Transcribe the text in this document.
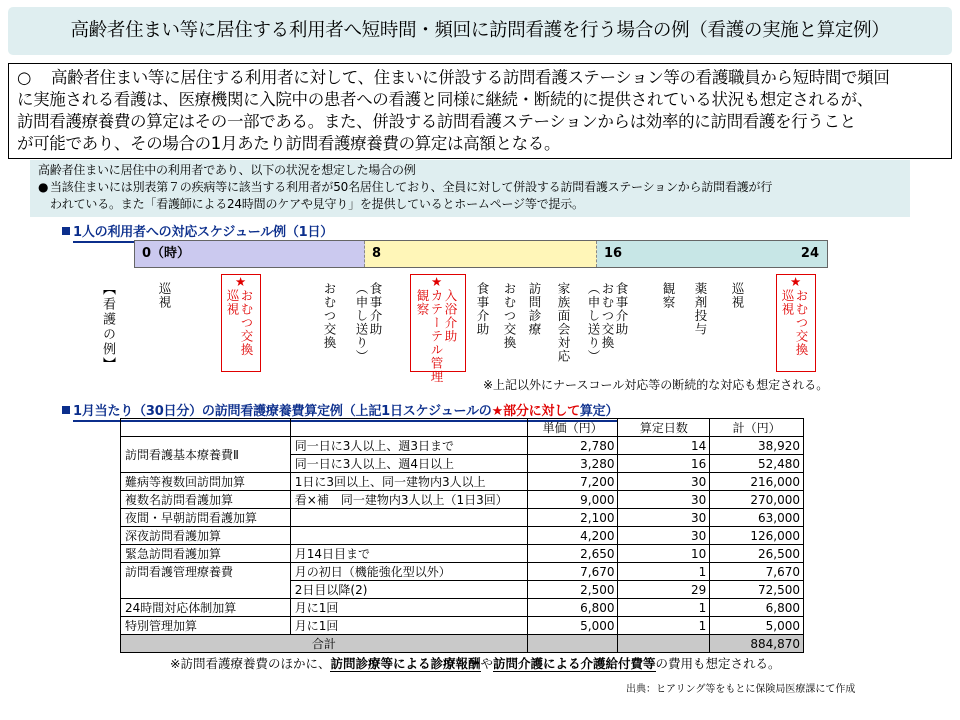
高齢者住まい等に居住する利用者へ短時間・頻回に訪問看護を行う場合の例（看護の実施と算定例）
○ 高齢者住まい等に居住する利用者に対して、住まいに併設する訪問看護ステーション等の看護職員から短時間で頻回
に実施される看護は、医療機関に入院中の患者への看護と同様に継続・断続的に提供されている状況も想定されるが、
訪問看護療養費の算定はその一部である。また、併設する訪問看護ステーションからは効率的に訪問看護を行うこと
が可能であり、その場合の1月あたり訪問看護療養費の算定は高額となる。
高齢者住まいに居住中の利用者であり、以下の状況を想定した場合の例
● 当該住まいには別表第７の疾病等に該当する利用者が50名居住しており、全員に対して併設する訪問看護ステーションから訪問看護が行
われている。また「看護師による24時間のケアや見守り」を提供しているとホームページ等で提示。
1人の利用者への対応スケジュール例（1日）
0（時）	8	16	24
【看護の例】	巡視
★
おむつ交換
巡視	おむつ交換	食事介助
（申し送り）
★
入浴介助
カテーテル管理
観察	食事介助 おむつ交換 訪問診療 家族面会対応	食事介助
おむつ交換
（申し送り）	観察 薬剤投与 巡視
★
おむつ交換
巡視
※上記以外にナースコール対応等の断続的な対応も想定される。
1月当たり（30日分）の訪問看護療養費算定例（上記1日スケジュールの★部分に対して算定）
		単価（円）	算定日数	計（円）
訪問看護基本療養費Ⅱ	同一日に3人以上、週3日まで	2,780	14	38,920
	同一日に3人以上、週4日以上	3,280	16	52,480
難病等複数回訪問加算	1日に3回以上、同一建物内3人以上	7,200	30	216,000
複数名訪問看護加算	看×補　同一建物内3人以上（1日3回）	9,000	30	270,000
夜間・早朝訪問看護加算		2,100	30	63,000
深夜訪問看護加算		4,200	30	126,000
緊急訪問看護加算	月14日目まで	2,650	10	26,500
訪問看護管理療養費	月の初日（機能強化型以外）	7,670	1	7,670
	2日目以降(2)	2,500	29	72,500
24時間対応体制加算	月に1回	6,800	1	6,800
特別管理加算	月に1回	5,000	1	5,000
合計				884,870
※訪問看護療養費のほかに、訪問診療等による診療報酬や訪問介護による介護給付費等の費用も想定される。
出典：ヒアリング等をもとに保険局医療課にて作成
